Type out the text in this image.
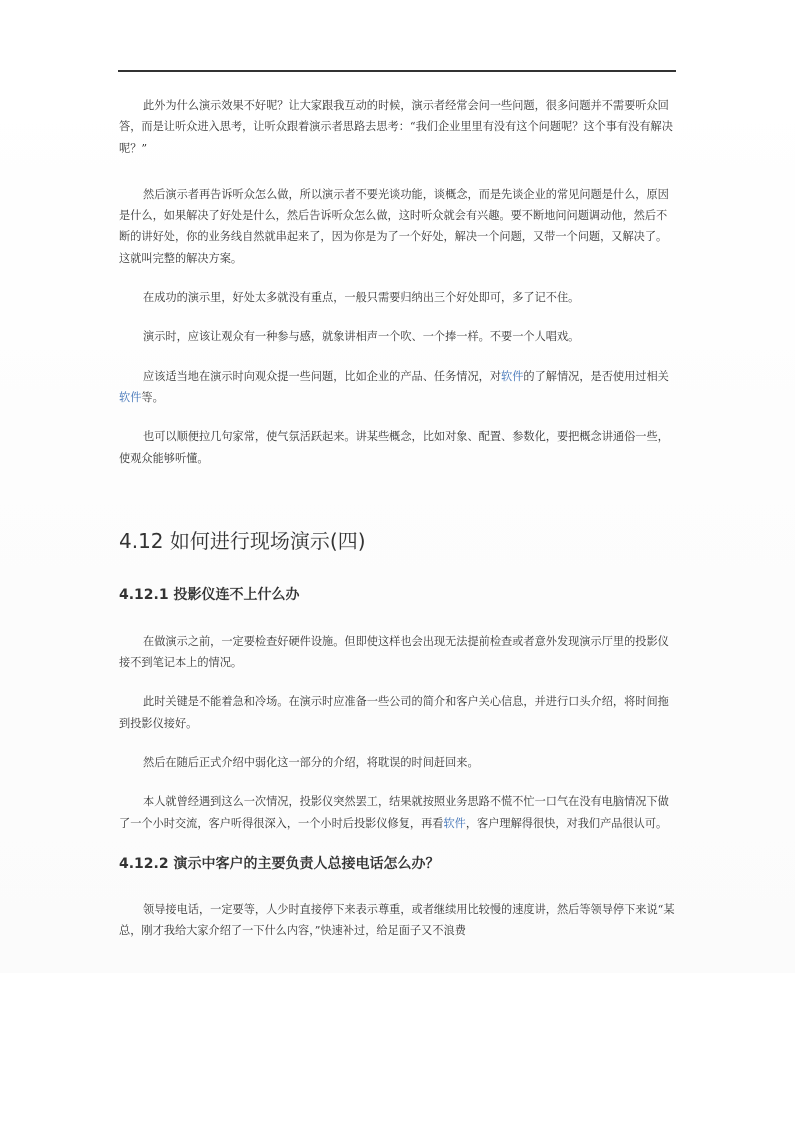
此外为什么演示效果不好呢？让大家跟我互动的时候，演示者经常会问一些问题，很多问题并不需要听众回答，而是让听众进入思考，让听众跟着演示者思路去思考：“我们企业里里有没有这个问题呢？这个事有没有解决呢？”

然后演示者再告诉听众怎么做，所以演示者不要光谈功能，谈概念，而是先谈企业的常见问题是什么，原因是什么，如果解决了好处是什么，然后告诉听众怎么做，这时听众就会有兴趣。要不断地问问题调动他，然后不断的讲好处，你的业务线自然就串起来了，因为你是为了一个好处，解决一个问题，又带一个问题，又解决了。这就叫完整的解决方案。

在成功的演示里，好处太多就没有重点，一般只需要归纳出三个好处即可，多了记不住。

演示时，应该让观众有一种参与感，就象讲相声一个吹、一个捧一样。不要一个人唱戏。

应该适当地在演示时向观众提一些问题，比如企业的产品、任务情况，对软件的了解情况，是否使用过相关软件等。

也可以顺便拉几句家常，使气氛活跃起来。讲某些概念，比如对象、配置、参数化，要把概念讲通俗一些，使观众能够听懂。

4.12 如何进行现场演示(四)
4.12.1 投影仪连不上什么办

在做演示之前，一定要检查好硬件设施。但即使这样也会出现无法提前检查或者意外发现演示厅里的投影仪接不到笔记本上的情况。

此时关键是不能着急和冷场。在演示时应准备一些公司的简介和客户关心信息，并进行口头介绍，将时间拖到投影仪接好。

然后在随后正式介绍中弱化这一部分的介绍，将耽误的时间赶回来。

本人就曾经遇到这么一次情况，投影仪突然罢工，结果就按照业务思路不慌不忙一口气在没有电脑情况下做了一个小时交流，客户听得很深入，一个小时后投影仪修复，再看软件，客户理解得很快，对我们产品很认可。

4.12.2 演示中客户的主要负责人总接电话怎么办？

领导接电话，一定要等，人少时直接停下来表示尊重，或者继续用比较慢的速度讲，然后等领导停下来说“某总，刚才我给大家介绍了一下什么内容，”快速补过，给足面子又不浪费
